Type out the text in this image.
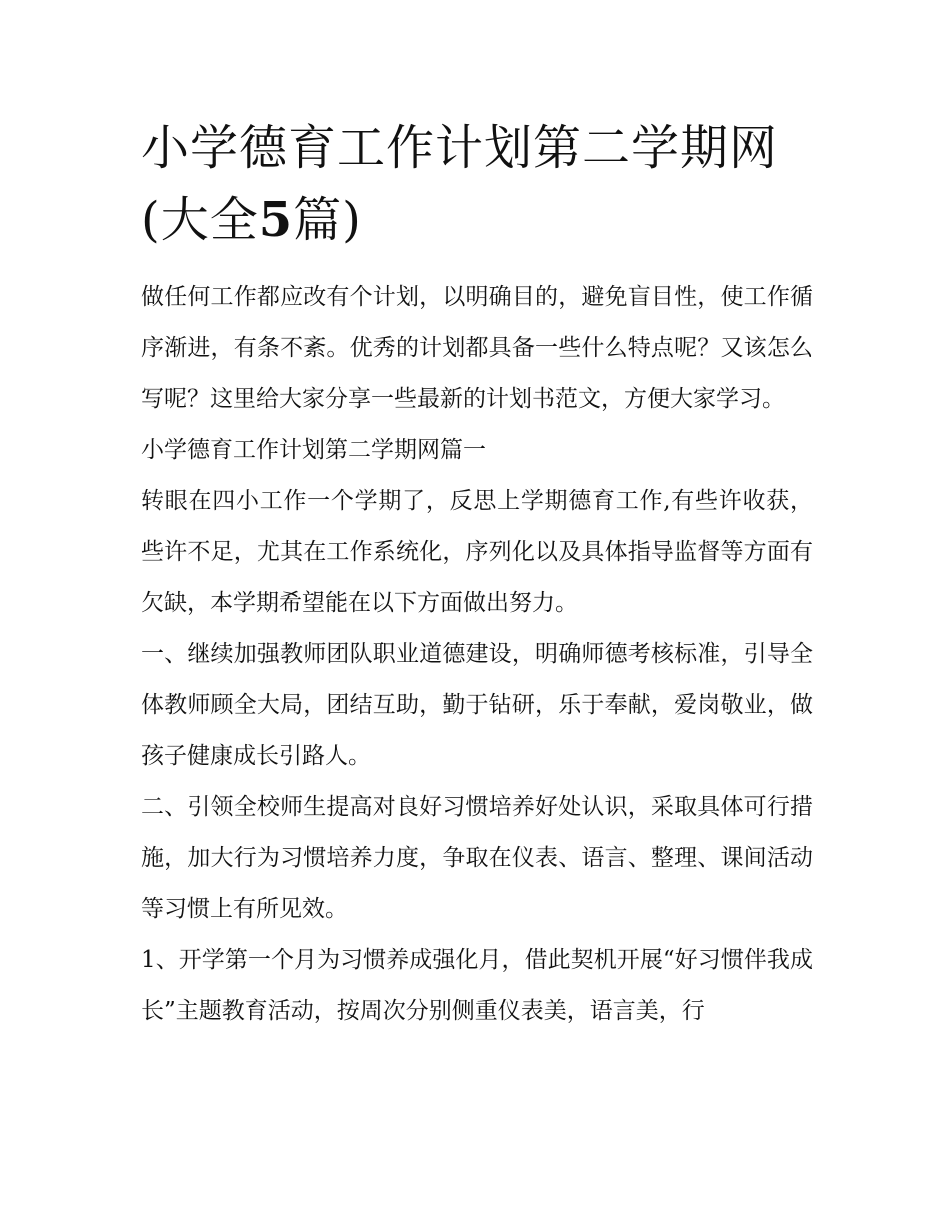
小学德育工作计划第二学期网
(大全5篇)

做任何工作都应改有个计划，以明确目的，避免盲目性，使工作循序渐进，有条不紊。优秀的计划都具备一些什么特点呢？又该怎么写呢？这里给大家分享一些最新的计划书范文，方便大家学习。

小学德育工作计划第二学期网篇一

转眼在四小工作一个学期了，反思上学期德育工作,有些许收获，些许不足，尤其在工作系统化，序列化以及具体指导监督等方面有欠缺，本学期希望能在以下方面做出努力。

一、继续加强教师团队职业道德建设，明确师德考核标准，引导全体教师顾全大局，团结互助，勤于钻研，乐于奉献，爱岗敬业，做孩子健康成长引路人。

二、引领全校师生提高对良好习惯培养好处认识，采取具体可行措施，加大行为习惯培养力度，争取在仪表、语言、整理、课间活动等习惯上有所见效。

1、开学第一个月为习惯养成强化月，借此契机开展“好习惯伴我成长”主题教育活动，按周次分别侧重仪表美，语言美，行
